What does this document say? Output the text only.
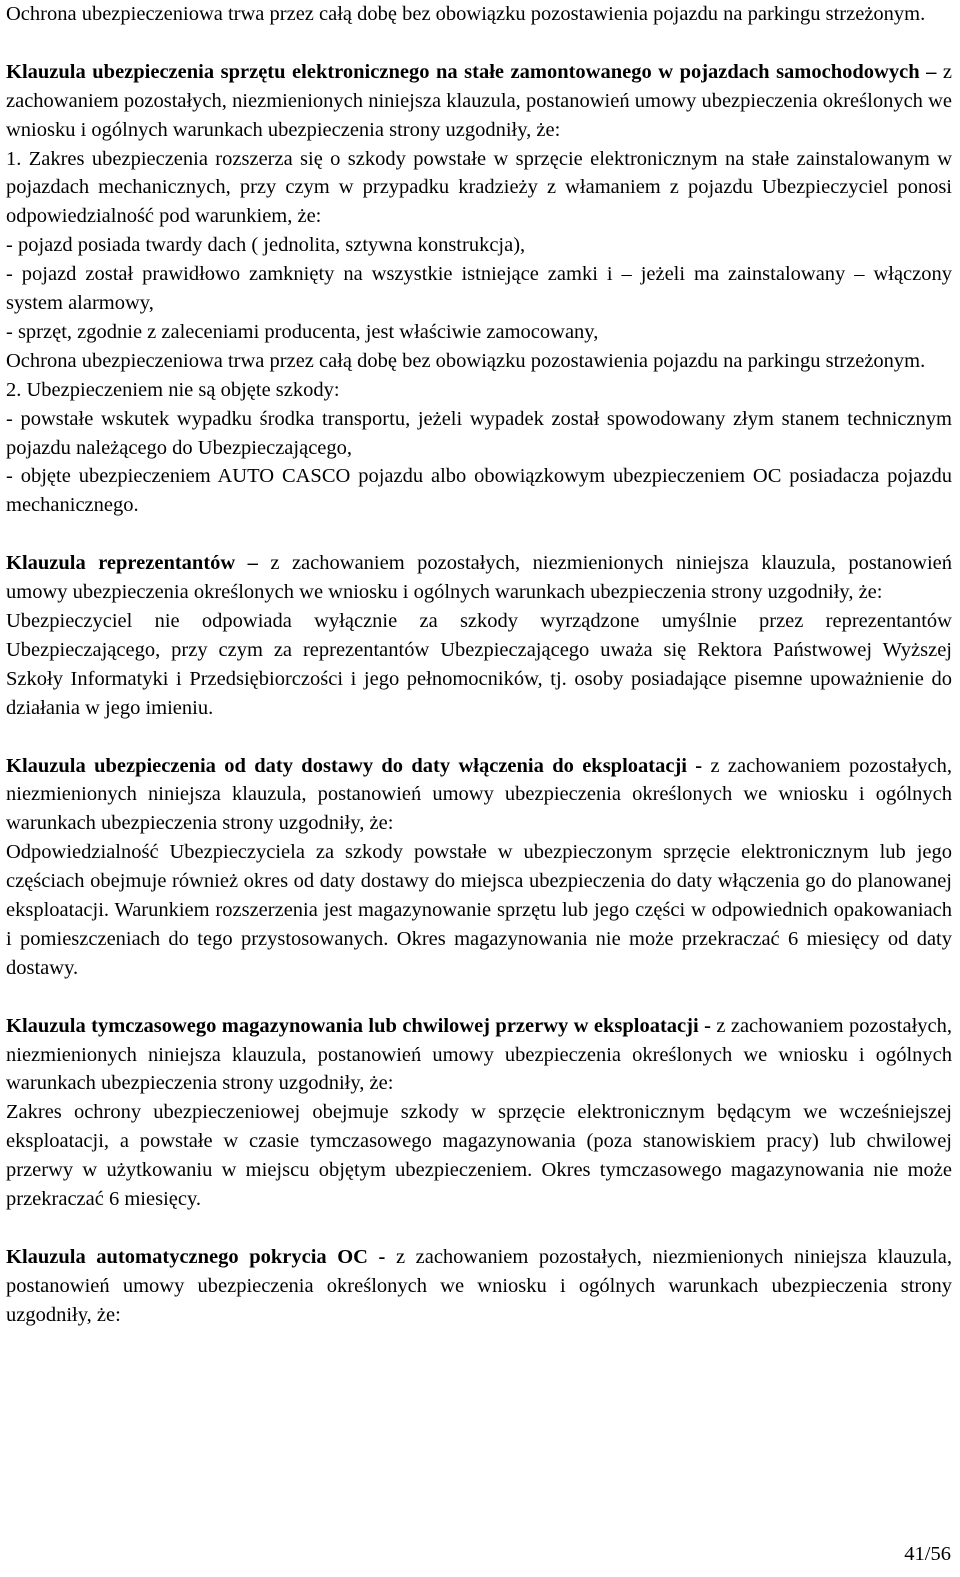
Ochrona ubezpieczeniowa trwa przez całą dobę bez obowiązku pozostawienia pojazdu na parkingu strzeżonym.

Klauzula ubezpieczenia sprzętu elektronicznego na stałe zamontowanego w pojazdach samochodowych – z zachowaniem pozostałych, niezmienionych niniejsza klauzula, postanowień umowy ubezpieczenia określonych we wniosku i ogólnych warunkach ubezpieczenia strony uzgodniły, że:

1. Zakres ubezpieczenia rozszerza się o szkody powstałe w sprzęcie elektronicznym na stałe zainstalowanym w pojazdach mechanicznych, przy czym w przypadku kradzieży z włamaniem z pojazdu Ubezpieczyciel ponosi odpowiedzialność pod warunkiem, że:

- pojazd posiada twardy dach ( jednolita, sztywna konstrukcja),

- pojazd został prawidłowo zamknięty na wszystkie istniejące zamki i – jeżeli ma zainstalowany – włączony system alarmowy,

- sprzęt, zgodnie z zaleceniami producenta, jest właściwie zamocowany,

Ochrona ubezpieczeniowa trwa przez całą dobę bez obowiązku pozostawienia pojazdu na parkingu strzeżonym.

2. Ubezpieczeniem nie są objęte szkody:

- powstałe wskutek wypadku środka transportu, jeżeli wypadek został spowodowany złym stanem technicznym pojazdu należącego do Ubezpieczającego,

- objęte ubezpieczeniem AUTO CASCO pojazdu albo obowiązkowym ubezpieczeniem OC posiadacza pojazdu mechanicznego.

Klauzula reprezentantów – z zachowaniem pozostałych, niezmienionych niniejsza klauzula, postanowień umowy ubezpieczenia określonych we wniosku i ogólnych warunkach ubezpieczenia strony uzgodniły, że:

Ubezpieczyciel nie odpowiada wyłącznie za szkody wyrządzone umyślnie przez reprezentantów Ubezpieczającego, przy czym za reprezentantów Ubezpieczającego uważa się Rektora Państwowej Wyższej Szkoły Informatyki i Przedsiębiorczości i jego pełnomocników, tj. osoby posiadające pisemne upoważnienie do działania w jego imieniu.

Klauzula ubezpieczenia od daty dostawy do daty włączenia do eksploatacji - z zachowaniem pozostałych, niezmienionych niniejsza klauzula, postanowień umowy ubezpieczenia określonych we wniosku i ogólnych warunkach ubezpieczenia strony uzgodniły, że:

Odpowiedzialność Ubezpieczyciela za szkody powstałe w ubezpieczonym sprzęcie elektronicznym lub jego częściach obejmuje również okres od daty dostawy do miejsca ubezpieczenia do daty włączenia go do planowanej eksploatacji. Warunkiem rozszerzenia jest magazynowanie sprzętu lub jego części w odpowiednich opakowaniach i pomieszczeniach do tego przystosowanych. Okres magazynowania nie może przekraczać 6 miesięcy od daty dostawy.

Klauzula tymczasowego magazynowania lub chwilowej przerwy w eksploatacji - z zachowaniem pozostałych, niezmienionych niniejsza klauzula, postanowień umowy ubezpieczenia określonych we wniosku i ogólnych warunkach ubezpieczenia strony uzgodniły, że:

Zakres ochrony ubezpieczeniowej obejmuje szkody w sprzęcie elektronicznym będącym we wcześniejszej eksploatacji, a powstałe w czasie tymczasowego magazynowania (poza stanowiskiem pracy) lub chwilowej przerwy w użytkowaniu w miejscu objętym ubezpieczeniem. Okres tymczasowego magazynowania nie może przekraczać 6 miesięcy.

Klauzula automatycznego pokrycia OC - z zachowaniem pozostałych, niezmienionych niniejsza klauzula, postanowień umowy ubezpieczenia określonych we wniosku i ogólnych warunkach ubezpieczenia strony uzgodniły, że:

41/56
